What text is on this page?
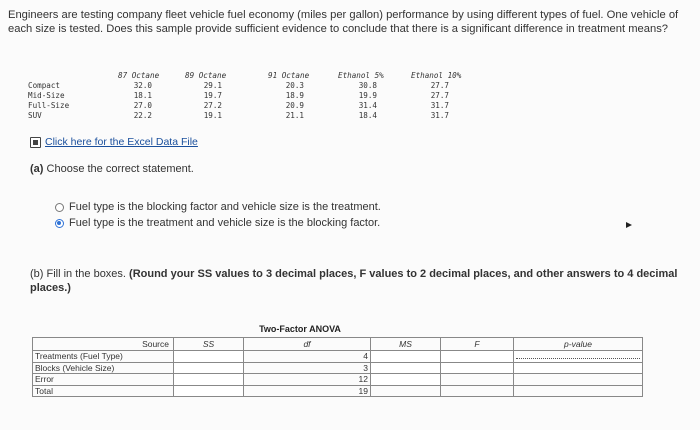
Engineers are testing company fleet vehicle fuel economy (miles per gallon) performance by using different types of fuel. One vehicle of each size is tested. Does this sample provide sufficient evidence to conclude that there is a significant difference in treatment means?
87 Octane	89 Octane	91 Octane	Ethanol 5%	Ethanol 10%
Compact	32.0	29.1	20.3	30.8	27.7
Mid-Size	18.1	19.7	18.9	19.9	27.7
Full-Size	27.0	27.2	20.9	31.4	31.7
SUV	22.2	19.1	21.1	18.4	31.7
Click here for the Excel Data File
(a) Choose the correct statement.
Fuel type is the blocking factor and vehicle size is the treatment.
Fuel type is the treatment and vehicle size is the blocking factor.
(b) Fill in the boxes. (Round your SS values to 3 decimal places, F values to 2 decimal places, and other answers to 4 decimal places.)
Two-Factor ANOVA
Source	SS	df	MS	F	p-value
Treatments (Fuel Type)		4			

Blocks (Vehicle Size)		3			
Error		12			
Total		19			
